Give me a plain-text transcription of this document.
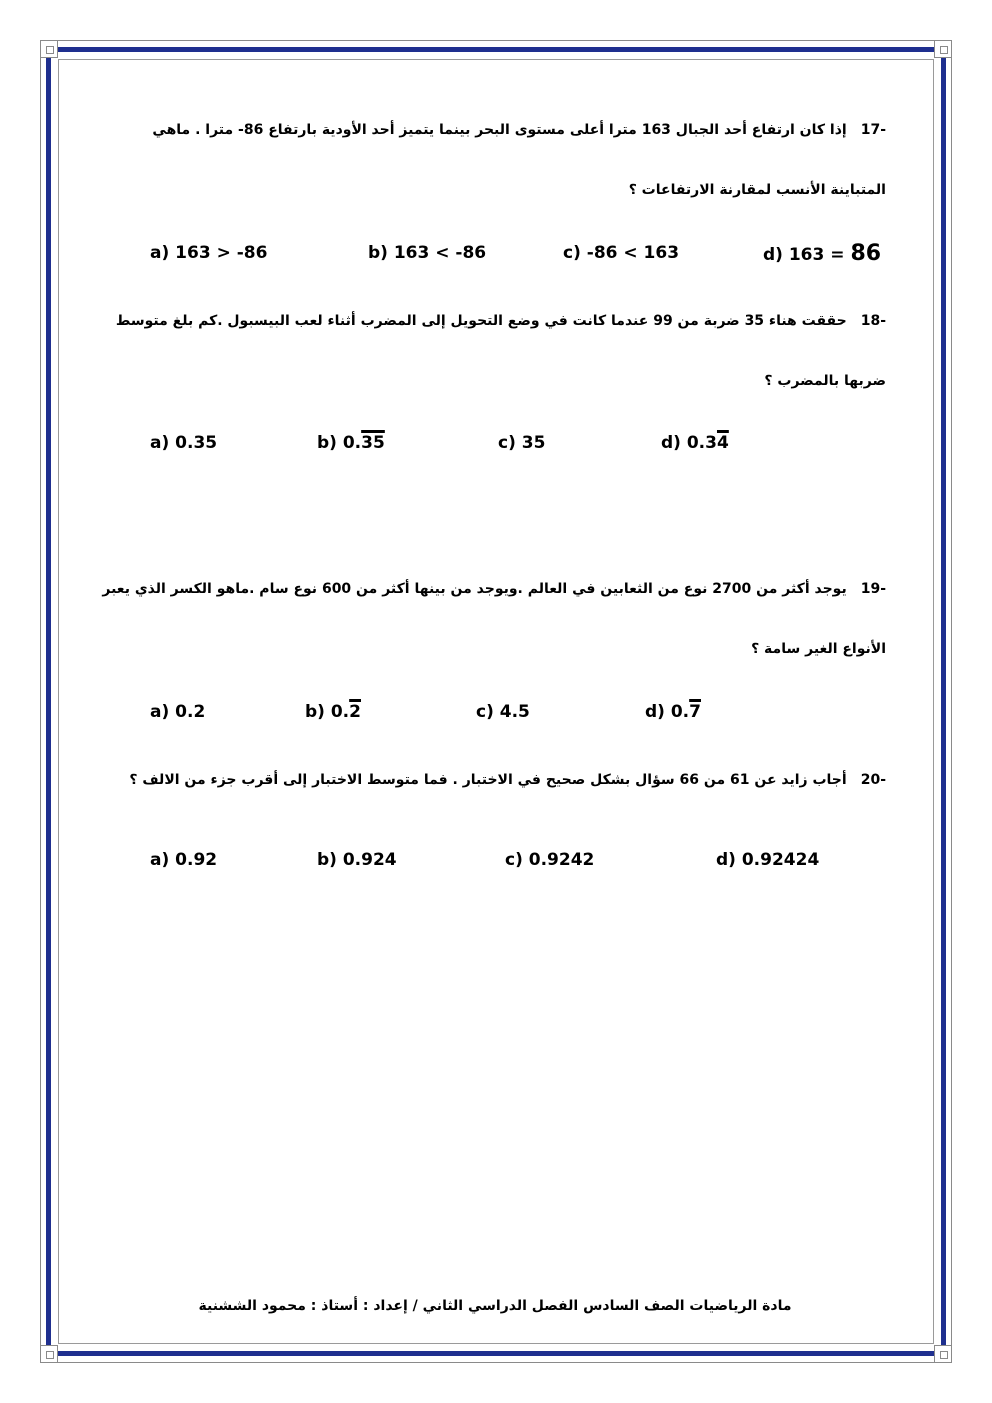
-17إذا كان ارتفاع أحد الجبال 163 مترا أعلى مستوى البحر بينما يتميز أحد الأودية بارتفاع 86- مترا . ماهي
المتباينة الأنسب لمقارنة الارتفاعات ؟
a) 163 > -86	b) 163 < -86	c) -86 < 163	d) 163 = 86
-18حققت هناء 35 ضربة من 99 عندما كانت في وضع التحويل إلى المضرب أثناء لعب البيسبول .كم بلغ متوسط
ضربها بالمضرب ؟
a) 0.35	b) 0.35	c) 35	d) 0.34
-19يوجد أكثر من 2700 نوع من الثعابين في العالم .ويوجد من بينها أكثر من 600 نوع سام .ماهو الكسر الذي يعبر
الأنواع الغير سامة ؟
a) 0.2	b) 0.2	c) 4.5	d) 0.7
-20أجاب زايد عن 61 من 66 سؤال بشكل صحيح في الاختبار . فما متوسط الاختبار إلى أقرب جزء من الالف ؟
a) 0.92	b) 0.924	c) 0.9242	d) 0.92424
مادة الرياضيات الصف السادس الفصل الدراسي الثاني / إعداد : أستاذ : محمود الششنية
